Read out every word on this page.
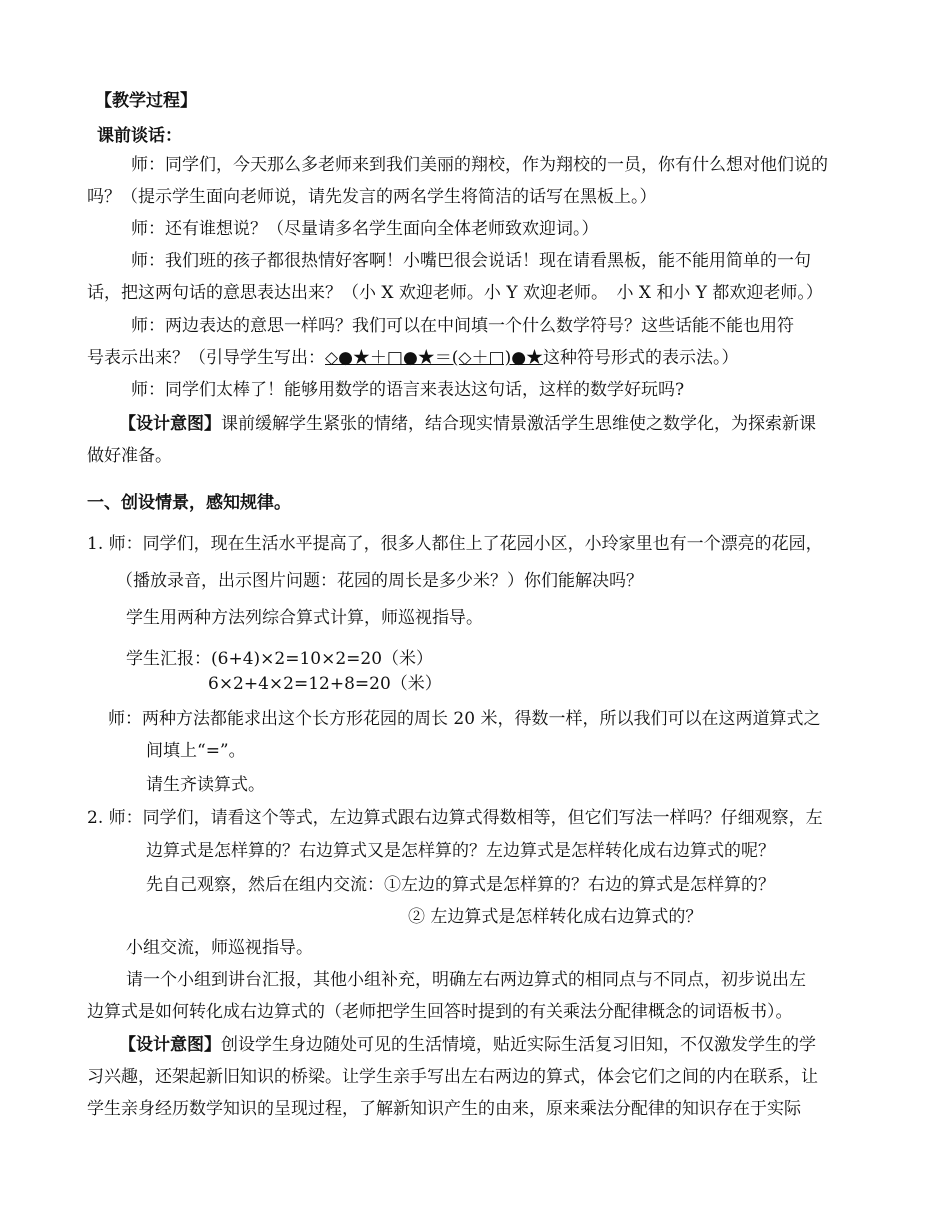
【教学过程】
课前谈话：
师：同学们，今天那么多老师来到我们美丽的翔校，作为翔校的一员，你有什么想对他们说的
吗？（提示学生面向老师说，请先发言的两名学生将简洁的话写在黑板上。）
师：还有谁想说？（尽量请多名学生面向全体老师致欢迎词。）
师：我们班的孩子都很热情好客啊！小嘴巴很会说话！现在请看黑板，能不能用简单的一句
话，把这两句话的意思表达出来？（小 X 欢迎老师。小 Y 欢迎老师。　小 X 和小 Y 都欢迎老师。）
师：两边表达的意思一样吗？我们可以在中间填一个什么数学符号？这些话能不能也用符
号表示出来？（引导学生写出：◇●★＋□●★＝(◇＋□)●★这种符号形式的表示法。）
师：同学们太棒了！能够用数学的语言来表达这句话，这样的数学好玩吗?
【设计意图】课前缓解学生紧张的情绪，结合现实情景激活学生思维使之数学化，为探索新课
做好准备。
一、创设情景，感知规律。
1. 师：同学们，现在生活水平提高了，很多人都住上了花园小区，小玲家里也有一个漂亮的花园，
（播放录音，出示图片问题：花园的周长是多少米？）你们能解决吗？
学生用两种方法列综合算式计算，师巡视指导。
学生汇报：(6+4)×2=10×2=20（米）
6×2+4×2=12+8=20（米）
师：两种方法都能求出这个长方形花园的周长 20 米，得数一样，所以我们可以在这两道算式之
间填上“=”。
请生齐读算式。
2. 师：同学们，请看这个等式，左边算式跟右边算式得数相等，但它们写法一样吗？仔细观察，左
边算式是怎样算的？右边算式又是怎样算的？左边算式是怎样转化成右边算式的呢？
先自己观察，然后在组内交流：①左边的算式是怎样算的？右边的算式是怎样算的？
② 左边算式是怎样转化成右边算式的？
小组交流，师巡视指导。
请一个小组到讲台汇报，其他小组补充，明确左右两边算式的相同点与不同点，初步说出左
边算式是如何转化成右边算式的（老师把学生回答时提到的有关乘法分配律概念的词语板书）。
【设计意图】创设学生身边随处可见的生活情境，贴近实际生活复习旧知，不仅激发学生的学
习兴趣，还架起新旧知识的桥梁。让学生亲手写出左右两边的算式，体会它们之间的内在联系，让
学生亲身经历数学知识的呈现过程，了解新知识产生的由来，原来乘法分配律的知识存在于实际
